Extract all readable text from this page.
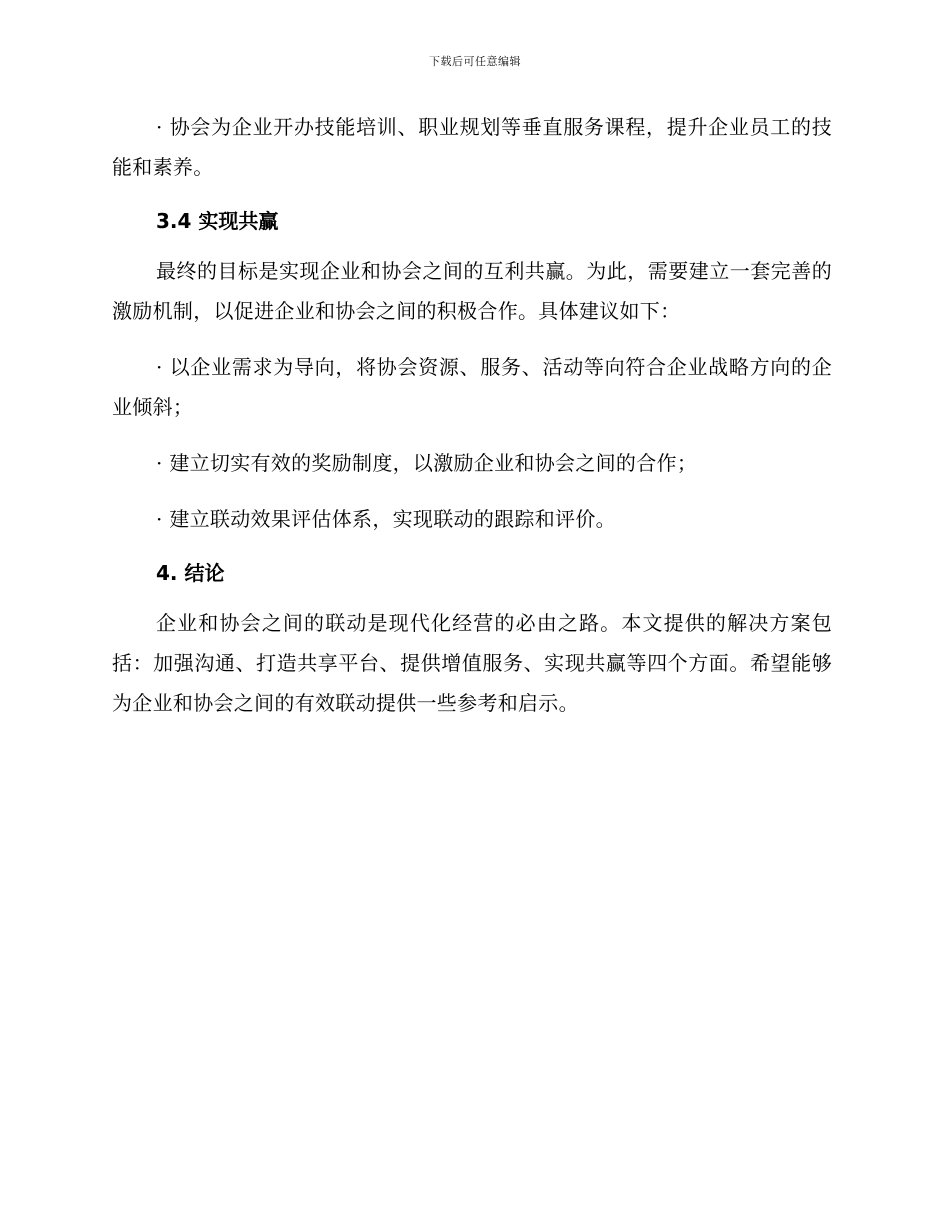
下载后可任意编辑

· 协会为企业开办技能培训、职业规划等垂直服务课程，提升企业员工的技能和素养。

3.4 实现共赢

最终的目标是实现企业和协会之间的互利共赢。为此，需要建立一套完善的激励机制，以促进企业和协会之间的积极合作。具体建议如下：

· 以企业需求为导向，将协会资源、服务、活动等向符合企业战略方向的企业倾斜；

· 建立切实有效的奖励制度，以激励企业和协会之间的合作；

· 建立联动效果评估体系，实现联动的跟踪和评价。

4. 结论

企业和协会之间的联动是现代化经营的必由之路。本文提供的解决方案包括：加强沟通、打造共享平台、提供增值服务、实现共赢等四个方面。希望能够为企业和协会之间的有效联动提供一些参考和启示。
